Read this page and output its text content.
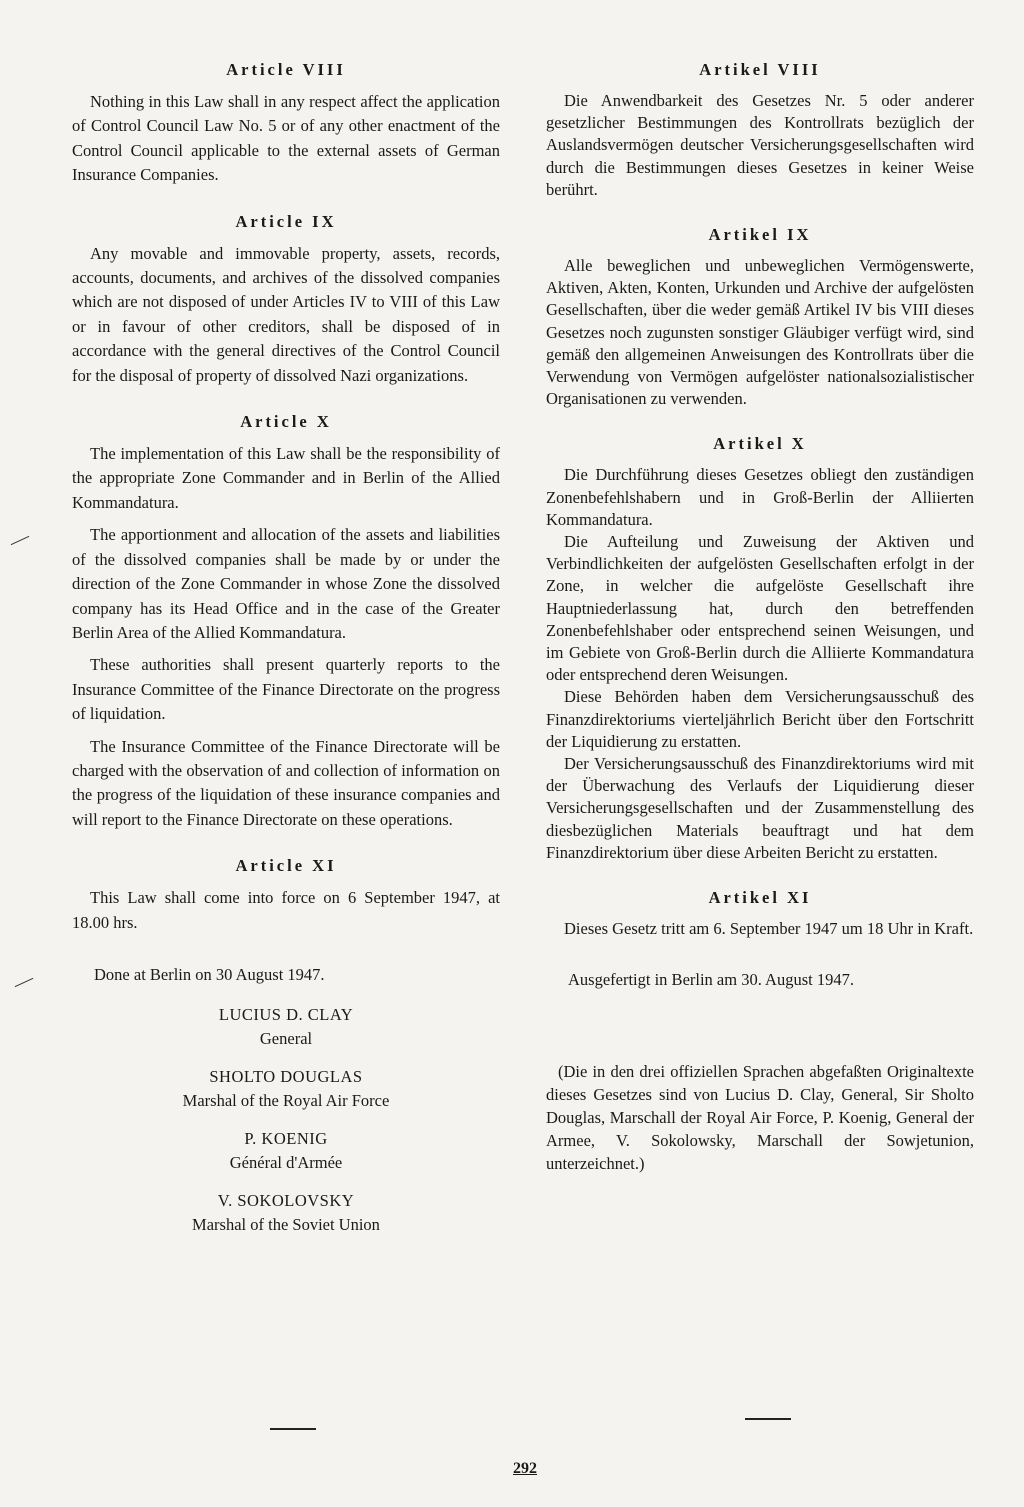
Article VIII

Nothing in this Law shall in any respect affect the application of Control Council Law No. 5 or of any other enactment of the Control Council applicable to the external assets of German Insurance Companies.

Article IX

Any movable and immovable property, assets, records, accounts, documents, and archives of the dissolved companies which are not disposed of under Articles IV to VIII of this Law or in favour of other creditors, shall be disposed of in accordance with the general directives of the Control Council for the disposal of property of dissolved Nazi organizations.

Article X

The implementation of this Law shall be the responsibility of the appropriate Zone Commander and in Berlin of the Allied Kommandatura.

The apportionment and allocation of the assets and liabilities of the dissolved companies shall be made by or under the direction of the Zone Commander in whose Zone the dissolved company has its Head Office and in the case of the Greater Berlin Area of the Allied Kommandatura.

These authorities shall present quarterly reports to the Insurance Committee of the Finance Directorate on the progress of liquidation.

The Insurance Committee of the Finance Directorate will be charged with the observation of and collection of information on the progress of the liquidation of these insurance companies and will report to the Finance Directorate on these operations.

Article XI

This Law shall come into force on 6 September 1947, at 18.00 hrs.

Done at Berlin on 30 August 1947.

LUCIUS D. CLAY
General
SHOLTO DOUGLAS
Marshal of the Royal Air Force
P. KOENIG
Général d'Armée
V. SOKOLOVSKY
Marshal of the Soviet Union
Artikel VIII

Die Anwendbarkeit des Gesetzes Nr. 5 oder anderer gesetzlicher Bestimmungen des Kontrollrats bezüglich der Auslandsvermögen deutscher Versicherungsgesellschaften wird durch die Bestimmungen dieses Gesetzes in keiner Weise berührt.

Artikel IX

Alle beweglichen und unbeweglichen Vermögenswerte, Aktiven, Akten, Konten, Urkunden und Archive der aufgelösten Gesellschaften, über die weder gemäß Artikel IV bis VIII dieses Gesetzes noch zugunsten sonstiger Gläubiger verfügt wird, sind gemäß den allgemeinen Anweisungen des Kontrollrats über die Verwendung von Vermögen aufgelöster nationalsozialistischer Organisationen zu verwenden.

Artikel X

Die Durchführung dieses Gesetzes obliegt den zuständigen Zonenbefehlshabern und in Groß-Berlin der Alliierten Kommandatura.

Die Aufteilung und Zuweisung der Aktiven und Verbindlichkeiten der aufgelösten Gesellschaften erfolgt in der Zone, in welcher die aufgelöste Gesellschaft ihre Hauptniederlassung hat, durch den betreffenden Zonenbefehlshaber oder entsprechend seinen Weisungen, und im Gebiete von Groß-Berlin durch die Alliierte Kommandatura oder entsprechend deren Weisungen.

Diese Behörden haben dem Versicherungsausschuß des Finanzdirektoriums vierteljährlich Bericht über den Fortschritt der Liquidierung zu erstatten.

Der Versicherungsausschuß des Finanzdirektoriums wird mit der Überwachung des Verlaufs der Liquidierung dieser Versicherungsgesellschaften und der Zusammenstellung des diesbezüglichen Materials beauftragt und hat dem Finanzdirektorium über diese Arbeiten Bericht zu erstatten.

Artikel XI

Dieses Gesetz tritt am 6. September 1947 um 18 Uhr in Kraft.

Ausgefertigt in Berlin am 30. August 1947.

(Die in den drei offiziellen Sprachen abgefaßten Originaltexte dieses Gesetzes sind von Lucius D. Clay, General, Sir Sholto Douglas, Marschall der Royal Air Force, P. Koenig, General der Armee, V. Sokolowsky, Marschall der Sowjetunion, unterzeichnet.)

292
